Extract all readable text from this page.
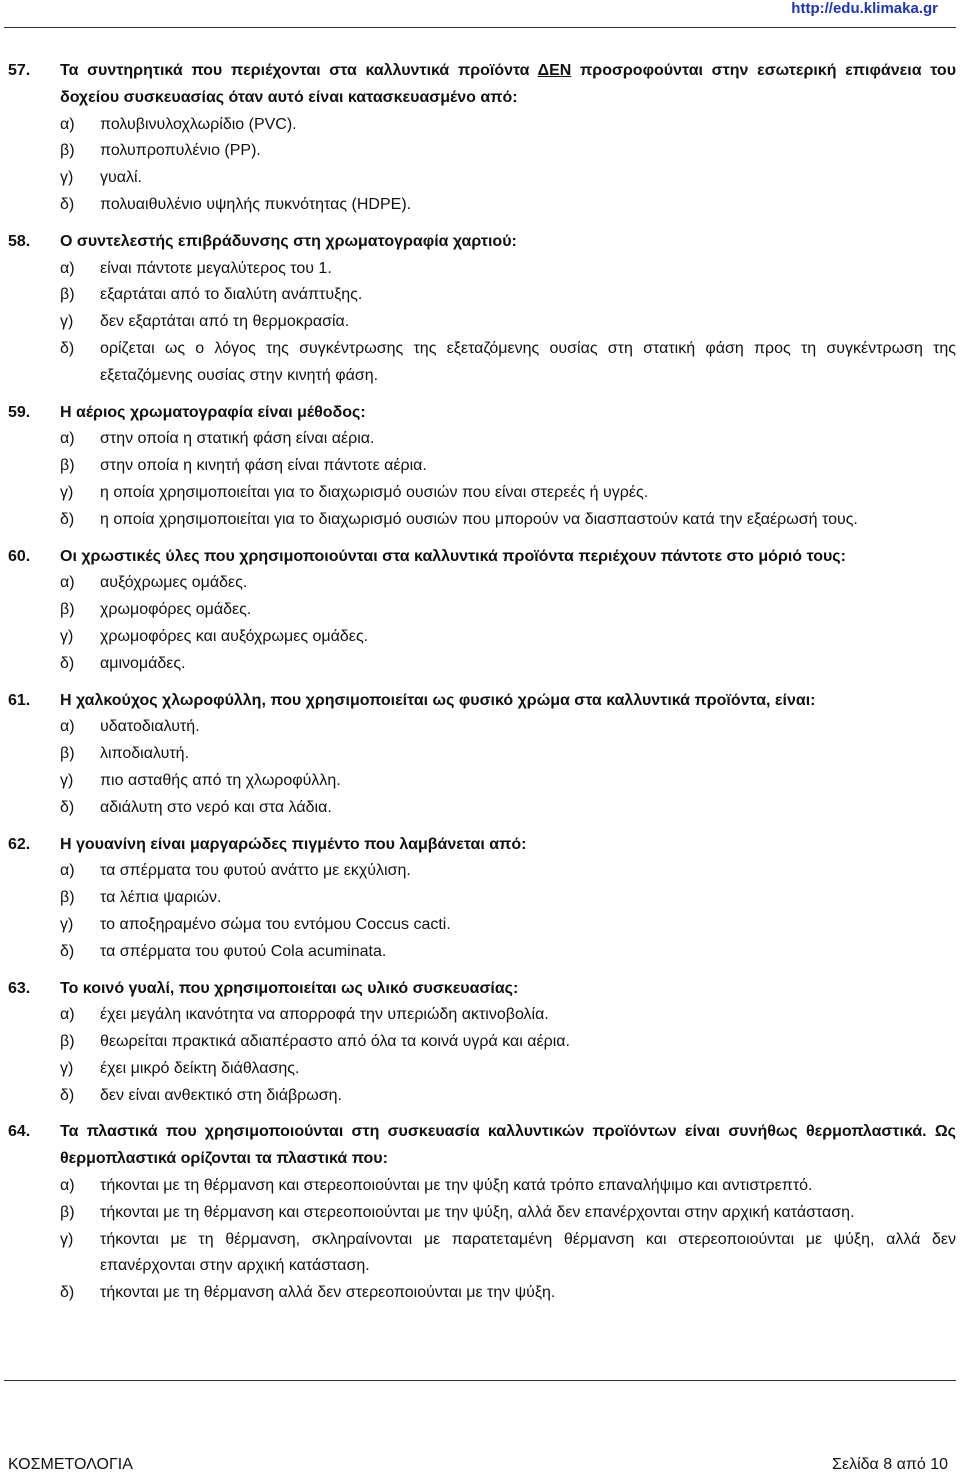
http://edu.klimaka.gr
57.	Τα συντηρητικά που περιέχονται στα καλλυντικά προϊόντα ΔΕΝ προσροφούνται στην εσωτερική επιφάνεια του δοχείου συσκευασίας όταν αυτό είναι κατασκευασμένο από:
α)	πολυβινυλοχλωρίδιο (PVC).
β)	πολυπροπυλένιο (PP).
γ)	γυαλί.
δ)	πολυαιθυλένιο υψηλής πυκνότητας (HDPE).
58.	Ο συντελεστής επιβράδυνσης στη χρωματογραφία χαρτιού:
α)	είναι πάντοτε μεγαλύτερος του 1.
β)	εξαρτάται από το διαλύτη ανάπτυξης.
γ)	δεν εξαρτάται από τη θερμοκρασία.
δ)	ορίζεται ως ο λόγος της συγκέντρωσης της εξεταζόμενης ουσίας στη στατική φάση προς τη συγκέντρωση της εξεταζόμενης ουσίας στην κινητή φάση.
59.	Η αέριος χρωματογραφία είναι μέθοδος:
α)	στην οποία η στατική φάση είναι αέρια.
β)	στην οποία η κινητή φάση είναι πάντοτε αέρια.
γ)	η οποία χρησιμοποιείται για το διαχωρισμό ουσιών που είναι στερεές ή υγρές.
δ)	η οποία χρησιμοποιείται για το διαχωρισμό ουσιών που μπορούν να διασπαστούν κατά την εξαέρωσή τους.
60.	Οι χρωστικές ύλες που χρησιμοποιούνται στα καλλυντικά προϊόντα περιέχουν πάντοτε στο μόριό τους:
α)	αυξόχρωμες ομάδες.
β)	χρωμοφόρες ομάδες.
γ)	χρωμοφόρες και αυξόχρωμες ομάδες.
δ)	αμινομάδες.
61.	Η χαλκούχος χλωροφύλλη, που χρησιμοποιείται ως φυσικό χρώμα στα καλλυντικά προϊόντα, είναι:
α)	υδατοδιαλυτή.
β)	λιποδιαλυτή.
γ)	πιο ασταθής από τη χλωροφύλλη.
δ)	αδιάλυτη στο νερό και στα λάδια.
62.	Η γουανίνη είναι μαργαρώδες πιγμέντο που λαμβάνεται από:
α)	τα σπέρματα του φυτού ανάττο με εκχύλιση.
β)	τα λέπια ψαριών.
γ)	το αποξηραμένο σώμα του εντόμου Coccus cacti.
δ)	τα σπέρματα του φυτού Cola acuminata.
63.	Το κοινό γυαλί, που χρησιμοποιείται ως υλικό συσκευασίας:
α)	έχει μεγάλη ικανότητα να απορροφά την υπεριώδη ακτινοβολία.
β)	θεωρείται πρακτικά αδιαπέραστο από όλα τα κοινά υγρά και αέρια.
γ)	έχει μικρό δείκτη διάθλασης.
δ)	δεν είναι ανθεκτικό στη διάβρωση.
64.	Τα πλαστικά που χρησιμοποιούνται στη συσκευασία καλλυντικών προϊόντων είναι συνήθως θερμοπλαστικά. Ως θερμοπλαστικά ορίζονται τα πλαστικά που:
α)	τήκονται με τη θέρμανση και στερεοποιούνται με την ψύξη κατά τρόπο επαναλήψιμο και αντιστρεπτό.
β)	τήκονται με τη θέρμανση και στερεοποιούνται με την ψύξη, αλλά δεν επανέρχονται στην αρχική κατάσταση.
γ)	τήκονται με τη θέρμανση, σκληραίνονται με παρατεταμένη θέρμανση και στερεοποιούνται με ψύξη, αλλά δεν επανέρχονται στην αρχική κατάσταση.
δ)	τήκονται με τη θέρμανση αλλά δεν στερεοποιούνται με την ψύξη.
ΚΟΣΜΕΤΟΛΟΓΙΑ	Σελίδα 8 από 10
